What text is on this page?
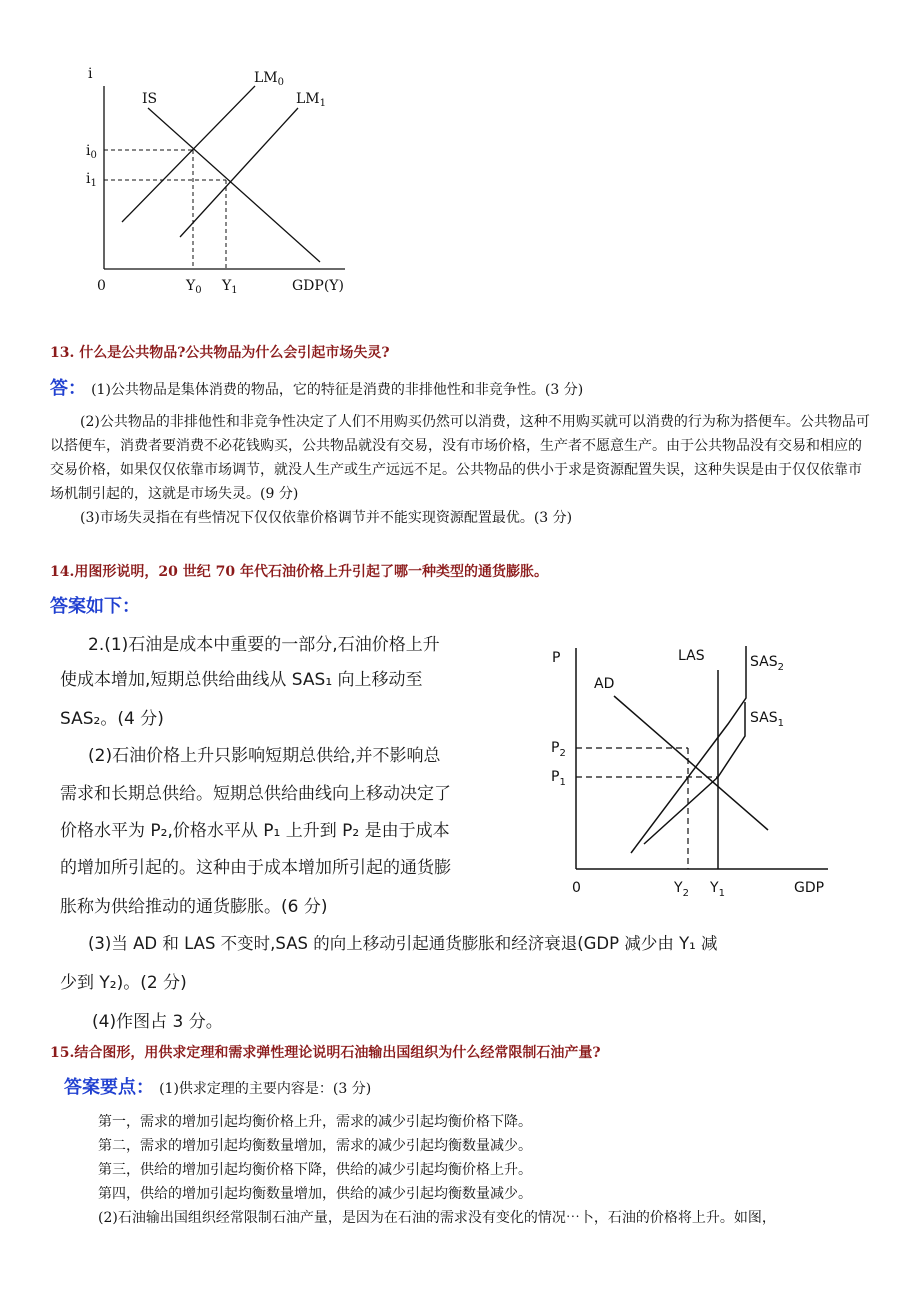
i
IS
$LM_0$
$LM_1$
$i_0$
$i_1$
0	$Y_0$ $Y_1$	GDP(Y)
13. 什么是公共物品?公共物品为什么会引起市场失灵?
答： (1)公共物品是集体消费的物品，它的特征是消费的非排他性和非竞争性。(3 分)
(2)公共物品的非排他性和非竞争性决定了人们不用购买仍然可以消费，这种不用购买就可以消费的行为称为搭便车。公共物品可以搭便车，消费者要消费不必花钱购买，公共物品就没有交易，没有市场价格，生产者不愿意生产。由于公共物品没有交易和相应的交易价格，如果仅仅依靠市场调节，就没人生产或生产远远不足。公共物品的供小于求是资源配置失误，这种失误是由于仅仅依靠市场机制引起的，这就是市场失灵。(9 分)
(3)市场失灵指在有些情况下仅仅依靠价格调节并不能实现资源配置最优。(3 分)
14.用图形说明，20 世纪 70 年代石油价格上升引起了哪一种类型的通货膨胀。
答案如下：
2.(1)石油是成本中重要的一部分,石油价格上升
使成本增加,短期总供给曲线从 SAS₁ 向上移动至
SAS₂。(4 分)
(2)石油价格上升只影响短期总供给,并不影响总
需求和长期总供给。短期总供给曲线向上移动决定了
价格水平为 P₂,价格水平从 P₁ 上升到 P₂ 是由于成本
的增加所引起的。这种由于成本增加所引起的通货膨
胀称为供给推动的通货膨胀。(6 分)
(3)当 AD 和 LAS 不变时,SAS 的向上移动引起通货膨胀和经济衰退(GDP 减少由 Y₁ 减
少到 Y₂)。(2 分)
(4)作图占 3 分。
P	LAS
AD
$SAS_2$
$SAS_1$
$P_2$
$P_1$
0	$Y_2$ $Y_1$	GDP
15.结合图形，用供求定理和需求弹性理论说明石油输出国组织为什么经常限制石油产量?
答案要点： (1)供求定理的主要内容是：(3 分)
第一，需求的增加引起均衡价格上升，需求的减少引起均衡价格下降。
第二，需求的增加引起均衡数量增加，需求的减少引起均衡数量减少。
第三，供给的增加引起均衡价格下降，供给的减少引起均衡价格上升。
第四，供给的增加引起均衡数量增加，供给的减少引起均衡数量减少。
(2)石油输出国组织经常限制石油产量，是因为在石油的需求没有变化的情况⋯卜，石油的价格将上升。如图，
